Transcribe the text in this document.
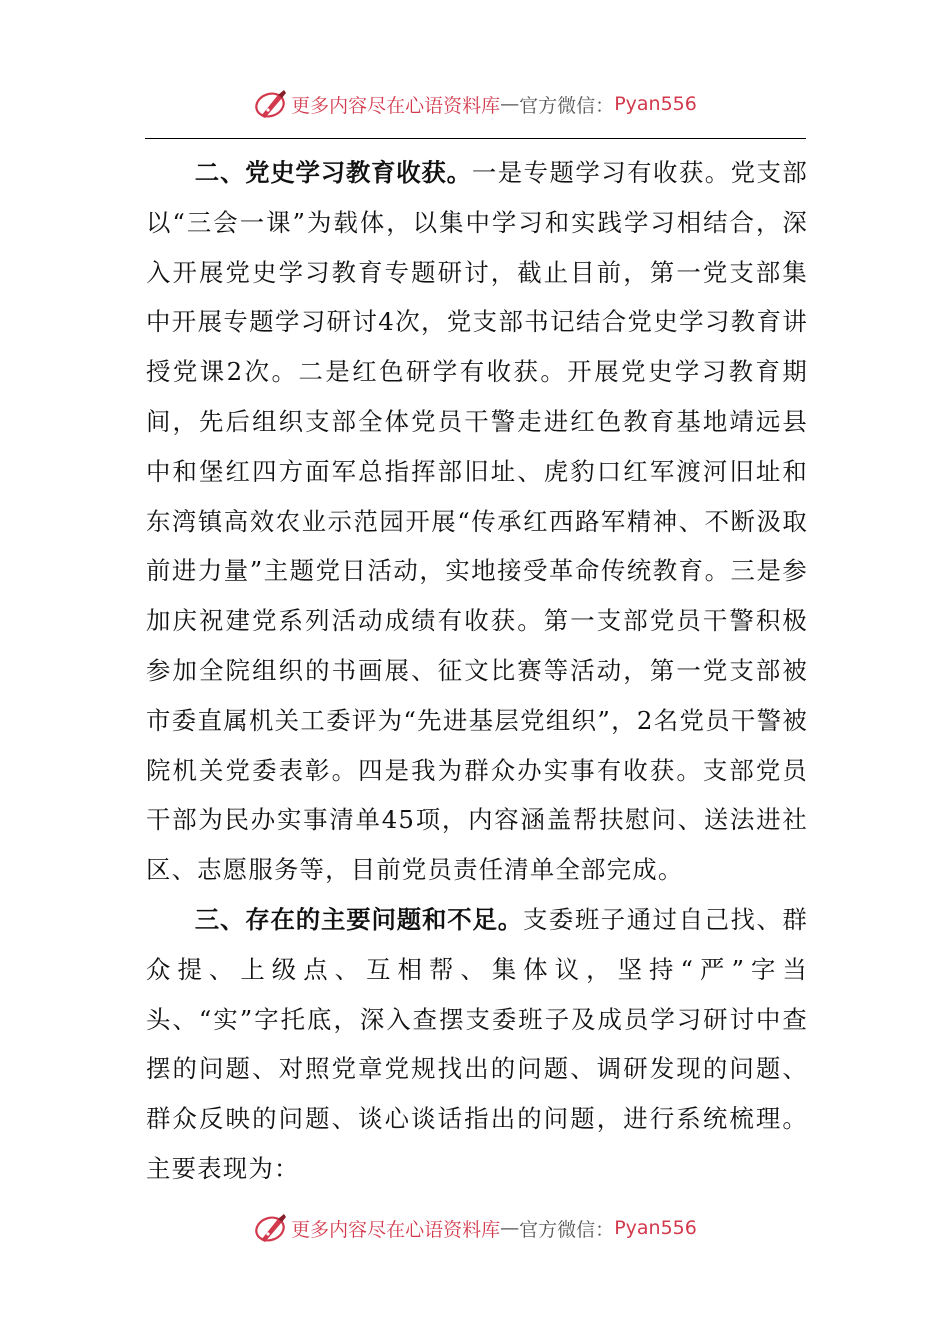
更多内容尽在心语资料库 — 官方微信： Pyan556

二、党史学习教育收获。一是专题学习有收获。党支部以“三会一课”为载体，以集中学习和实践学习相结合，深入开展党史学习教育专题研讨，截止目前，第一党支部集中开展专题学习研讨4次，党支部书记结合党史学习教育讲授党课2次。二是红色研学有收获。开展党史学习教育期间，先后组织支部全体党员干警走进红色教育基地靖远县中和堡红四方面军总指挥部旧址、虎豹口红军渡河旧址和东湾镇高效农业示范园开展“传承红西路军精神、不断汲取前进力量”主题党日活动，实地接受革命传统教育。三是参加庆祝建党系列活动成绩有收获。第一支部党员干警积极参加全院组织的书画展、征文比赛等活动，第一党支部被市委直属机关工委评为“先进基层党组织”，2名党员干警被院机关党委表彰。四是我为群众办实事有收获。支部党员干部为民办实事清单45项，内容涵盖帮扶慰问、送法进社区、志愿服务等，目前党员责任清单全部完成。

三、存在的主要问题和不足。支委班子通过自己找、群众提、上级点、互相帮、集体议，坚持“严”字当头、“实”字托底，深入查摆支委班子及成员学习研讨中查摆的问题、对照党章党规找出的问题、调研发现的问题、群众反映的问题、谈心谈话指出的问题，进行系统梳理。主要表现为：

更多内容尽在心语资料库 — 官方微信： Pyan556
